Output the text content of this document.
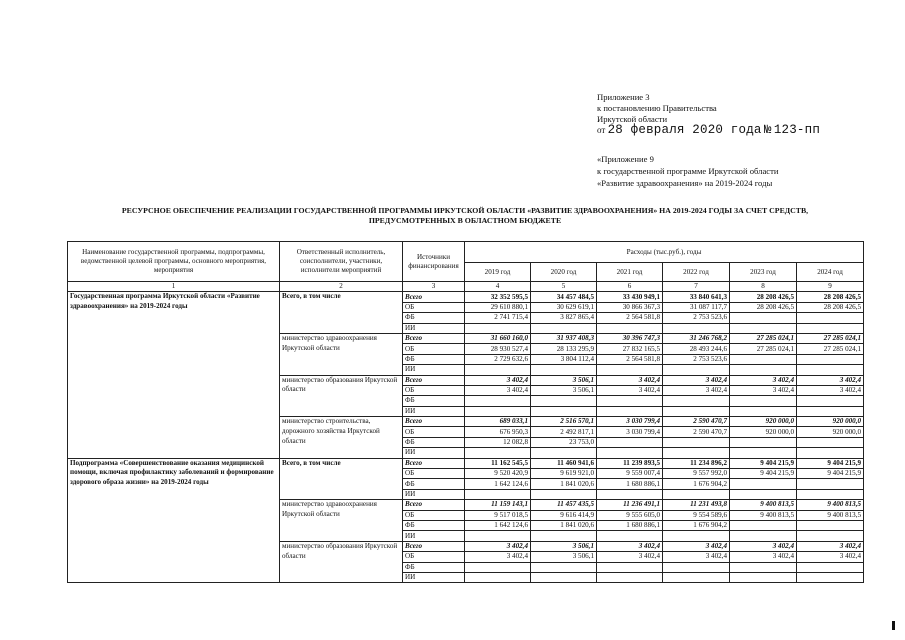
Приложение 3
к постановлению Правительства
Иркутской области
от 28 февраля 2020 года № 123-пп
«Приложение 9
к государственной программе Иркутской области
«Развитие здравоохранения» на 2019-2024 годы
РЕСУРСНОЕ ОБЕСПЕЧЕНИЕ РЕАЛИЗАЦИИ ГОСУДАРСТВЕННОЙ ПРОГРАММЫ ИРКУТСКОЙ ОБЛАСТИ «РАЗВИТИЕ ЗДРАВООХРАНЕНИЯ» НА 2019-2024 ГОДЫ ЗА СЧЕТ СРЕДСТВ,
ПРЕДУСМОТРЕННЫХ В ОБЛАСТНОМ БЮДЖЕТЕ
Наименование государственной программы, подпрограммы, ведомственной целевой программы, основного мероприятия, мероприятия	Ответственный исполнитель, соисполнители, участники, исполнители мероприятий	Источники финансирования	Расходы (тыс.руб.), годы					
			2019 год	2020 год	2021 год	2022 год	2023 год	2024 год
1	2	3	4	5	6	7	8	9
Государственная программа Иркутской области «Развитие здравоохранения» на 2019-2024 годы	Всего, в том числе	Всего	32 352 595,5	34 457 484,5	33 430 949,1	33 840 641,3	28 208 426,5	28 208 426,5
		ОБ	29 610 880,1	30 629 619,1	30 866 367,3	31 087 117,7	28 208 426,5	28 208 426,5
		ФБ	2 741 715,4	3 827 865,4	2 564 581,8	2 753 523,6		
		ИИ						
	министерство здравоохранения Иркутской области	Всего	31 660 160,0	31 937 408,3	30 396 747,3	31 246 768,2	27 285 024,1	27 285 024,1
		ОБ	28 930 527,4	28 133 295,9	27 832 165,5	28 493 244,6	27 285 024,1	27 285 024,1
		ФБ	2 729 632,6	3 804 112,4	2 564 581,8	2 753 523,6		
		ИИ						
	министерство образования Иркутской области	Всего	3 402,4	3 506,1	3 402,4	3 402,4	3 402,4	3 402,4
		ОБ	3 402,4	3 506,1	3 402,4	3 402,4	3 402,4	3 402,4
		ФБ						
		ИИ						
	министерство строительства, дорожного хозяйства Иркутской области	Всего	689 033,1	2 516 570,1	3 030 799,4	2 590 470,7	920 000,0	920 000,0
		ОБ	676 950,3	2 492 817,1	3 030 799,4	2 590 470,7	920 000,0	920 000,0
		ФБ	12 082,8	23 753,0				
		ИИ						
Подпрограмма «Совершенствование оказания медицинской помощи, включая профилактику заболеваний и формирование здорового образа жизни» на 2019-2024 годы	Всего, в том числе	Всего	11 162 545,5	11 460 941,6	11 239 893,5	11 234 896,2	9 404 215,9	9 404 215,9
		ОБ	9 520 420,9	9 619 921,0	9 559 007,4	9 557 992,0	9 404 215,9	9 404 215,9
		ФБ	1 642 124,6	1 841 020,6	1 680 886,1	1 676 904,2		
		ИИ						
	министерство здравоохранения Иркутской области	Всего	11 159 143,1	11 457 435,5	11 236 491,1	11 231 493,8	9 400 813,5	9 400 813,5
		ОБ	9 517 018,5	9 616 414,9	9 555 605,0	9 554 589,6	9 400 813,5	9 400 813,5
		ФБ	1 642 124,6	1 841 020,6	1 680 886,1	1 676 904,2		
		ИИ						
	министерство образования Иркутской области	Всего	3 402,4	3 506,1	3 402,4	3 402,4	3 402,4	3 402,4
		ОБ	3 402,4	3 506,1	3 402,4	3 402,4	3 402,4	3 402,4
		ФБ						
		ИИ						
